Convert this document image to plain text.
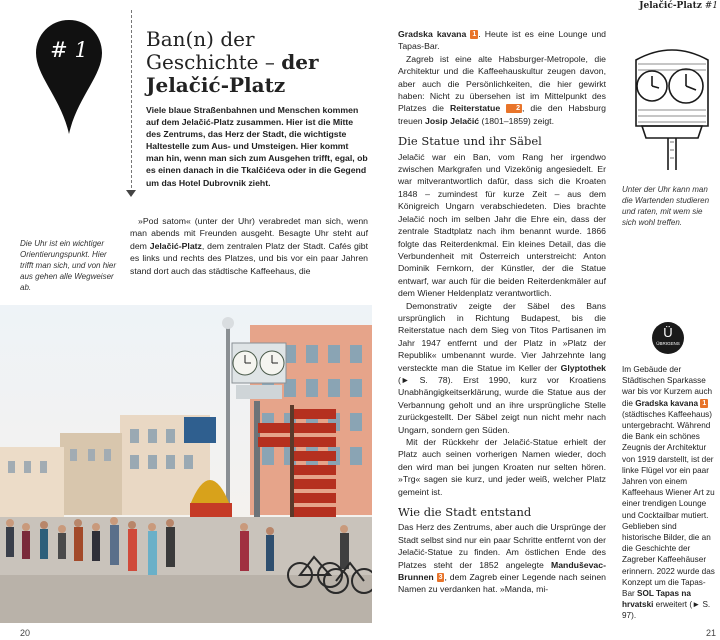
# 1	Ban(n) der
Geschichte – der
Jelačić-Platz
Viele blaue Straßenbahnen und Menschen kommen auf dem Jelačić-Platz zusammen. Hier ist die Mitte des Zentrums, das Herz der Stadt, die wichtigste Haltestelle zum Aus- und Umsteigen. Hier kommt man hin, wenn man sich zum Ausgehen trifft, egal, ob es einen danach in die Tkalčićeva oder in die Gegend um das Hotel Dubrovnik zieht.

»Pod satom« (unter der Uhr) verabredet man sich, wenn man abends mit Freunden ausgeht. Besagte Uhr steht auf dem Jelačić-Platz, dem zentralen Platz der Stadt. Cafés gibt es links und rechts des Platzes, und bis vor ein paar Jahren stand dort auch das städtische Kaffeehaus, die

Die Uhr ist ein wichtiger Orientierungspunkt. Hier trifft man sich, und von hier aus gehen alle Wegweiser ab.
20

Gradska kavana 1 . Heute ist es eine Lounge und Tapas-Bar.

Zagreb ist eine alte Habsburger-Metropole, die Architektur und die Kaffeehauskultur zeugen davon, aber auch die Persönlichkeiten, die hier gewirkt haben: Nicht zu übersehen ist im Mittelpunkt des Platzes die Reiterstatue 2 , die den Habsburg treuen Josip Jelačić (1801–1859) zeigt.

Die Statue und ihr Säbel

Jelačić war ein Ban, vom Rang her irgendwo zwischen Markgrafen und Vizekönig angesiedelt. Er war mitverantwortlich dafür, dass sich die Kroaten 1848 – zumindest für kurze Zeit – aus dem Königreich Ungarn verabschiedeten. Dies brachte Jelačić noch im selben Jahr die Ehre ein, dass der zentrale Stadtplatz nach ihm benannt wurde. 1866 folgte das Reiterdenkmal. Ein kleines Detail, das die Verbundenheit mit Österreich unterstreicht: Anton Dominik Fernkorn, der Künstler, der die Statue entwarf, war auch für die beiden Reiterdenkmäler auf dem Wiener Heldenplatz verantwortlich.

Demonstrativ zeigte der Säbel des Bans ursprünglich in Richtung Budapest, bis die Reiterstatue nach dem Sieg von Titos Partisanen im Jahr 1947 entfernt und der Platz in »Platz der Republik« umbenannt wurde. Vier Jahrzehnte lang versteckte man die Statue im Keller der Glyptothek (► S. 78). Erst 1990, kurz vor Kroatiens Unabhängigkeitserklärung, wurde die Statue aus der Verbannung geholt und an ihre ursprüngliche Stelle zurückgestellt. Der Säbel zeigt nun nicht mehr nach Ungarn, sondern gen Süden.

Mit der Rückkehr der Jelačić-Statue erhielt der Platz auch seinen vorherigen Namen wieder, doch den wird man bei jungen Kroaten nur selten hören. »Trg« sagen sie kurz, und jeder weiß, welcher Platz gemeint ist.

Wie die Stadt entstand

Das Herz des Zentrums, aber auch die Ursprünge der Stadt selbst sind nur ein paar Schritte entfernt von der Jelačić-Statue zu finden. Am östlichen Ende des Platzes steht der 1852 angelegte Manduševac-Brunnen 3 , dem Zagreb einer Legende nach seinen Namen zu verdanken hat. »Manda, mi-

Jelačić-Platz #1
Unter der Uhr kann man die Wartenden studieren und raten, mit wem sie sich wohl treffen.
Ü
ÜBRIGENS
Im Gebäude der Städtischen Sparkasse war bis vor Kurzem auch die Gradska kavana 1 (städtisches Kaffeehaus) untergebracht. Während die Bank ein schönes Zeugnis der Architektur von 1919 darstellt, ist der linke Flügel vor ein paar Jahren von einem Kaffeehaus Wiener Art zu einer trendigen Lounge und Cocktailbar mutiert. Geblieben sind historische Bilder, die an die Geschichte der Zagreber Kaffeehäuser erinnern. 2022 wurde das Konzept um die Tapas-Bar SOL Tapas na hrvatski erweitert (► S. 97).
21
